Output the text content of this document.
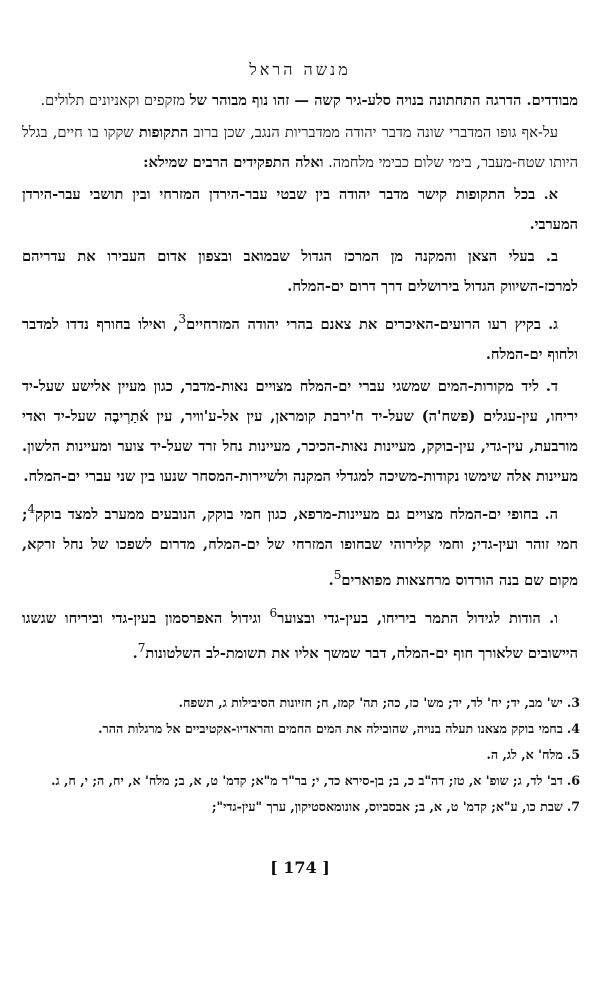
מנשה הראל

מבודדים. הדרגה התחתונה בנויה סלע-גיר קשה — זהו נוף מבוהר של מזקפים וקאניונים תלולים.

על-אף גופו המדברי שונה מדבר יהודה ממדבריות הנגב, שכן ברוב התקופות שקקו בו חיים, בגלל היותו שטח-מעבר, בימי שלום כבימי מלחמה. ואלה התפקידים הרבים שמילא:

א. בכל התקופות קישר מדבר יהודה בין שבטי עבר-הירדן המזרחי ובין תושבי עבר-הירדן המערבי.

ב. בעלי הצאן והמקנה מן המרכז הגדול שבמואב ובצפון אדום העבירו את עדריהם למרכז-השיווק הגדול בירושלים דרך דרום ים-המלח.

ג. בקיץ רעו הרועים-האיכרים את צאנם בהרי יהודה המזרחיים$^3$, ואילו בחורף נדדו למדבר ולחוף ים-המלח.

ד. ליד מקורות-המים שמשגי עברי ים-המלח מצויים נאות-מדבר, כגון מעיין אלישע שעל-יד יריחו, עין-עגלים (פשח'ה) שעל-יד ח'ירבת קומראן, עין אל-ע'וויר, עין א֬תַרְיבֶה שעל-יד ואדי מורבעת, עין-גדי, עין-בוקק, מעיינות נאות-הכיכר, מעיינות נחל זרד שעל-יד צוער ומעיינות הלשון. מעיינות אלה שימשו נקודות-משיכה למגדלי המקנה ולשיירות-המסחר שנעו בין שני עברי ים-המלח.

ה. בחופי ים-המלח מצויים גם מעיינות-מרפא, כגון חמי בוקק, הנובעים ממערב למצד בוקק$^4$; חמי זוהר ועין-גדי; וחמי קלירוהי שבחופו המזרחי של ים-המלח, מדרום לשפכו של נחל זרקא, מקום שם בנה הורדוס מרחצאות מפוארים$^5$.

ו. הודות לגידול התמר ביריחו, בעין-גדי ובצוער$^6$ וגידול האפרסמון בעין-גדי וביריחו שגשגו היישובים שלאורך חוף ים-המלח, דבר שמשך אליו את תשומת-לב השלטונות$^7$.

3. יש' מב, יד; יח' לד, יד; מש' כז, כה; תה' קמז, ח; חזיונות הסיבילות ג, תשפח.

4. בחמי בוקק מצאנו תעלה בנויה, שהובילה את המים החמים והראדיו-אקטיביים אל מרגלות ההר.

5. מלח' א, לג, ה.

6. דב' לד, ג; שופ' א, טז; דה"ב כ, ב; בן-סירא כד, י; בר"ר מ"א; קדמ' ט, א, ב; מלח' א, יח, ה; י, ח, ג.

7. שבת כו, ע"א; קדמ' ט, א, ב; אבסביוס, אונומאסטיקון, ערך "עין-גדי";

[ 174 ]
